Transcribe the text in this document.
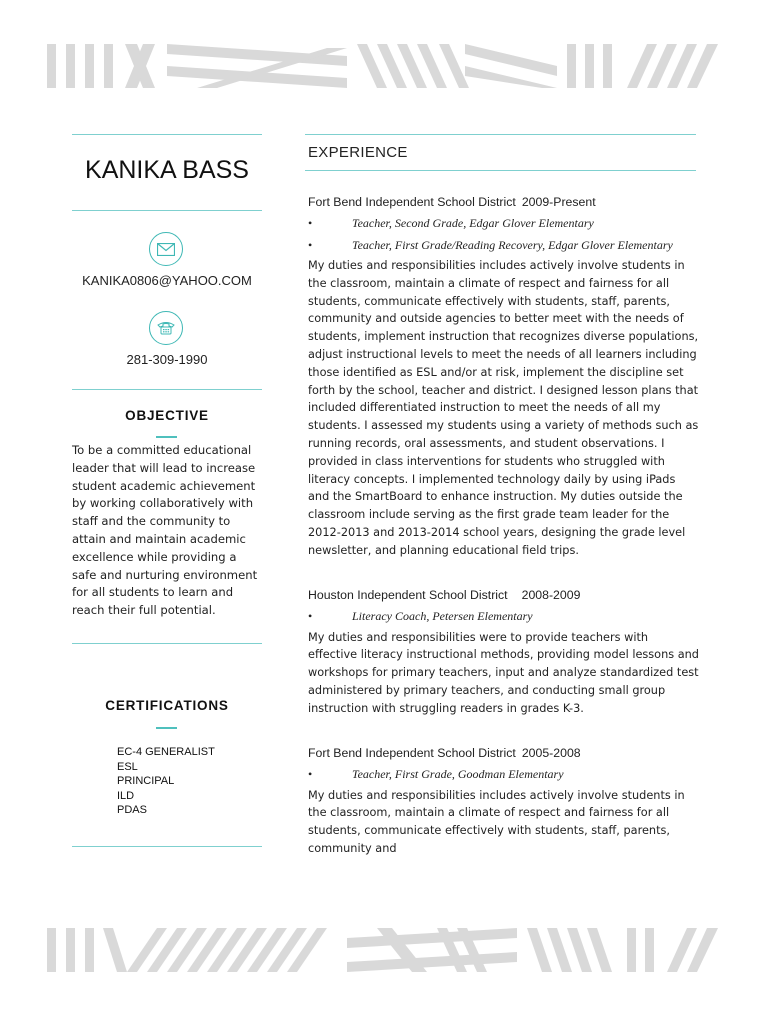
KANIKA BASS
KANIKA0806@YAHOO.COM
281-309-1990
OBJECTIVE
To be a committed educational leader that will lead to increase student academic achievement by working collaboratively with staff and the community to attain and maintain academic excellence while providing a safe and nurturing environment for all students to learn and reach their full potential.
CERTIFICATIONS
EC-4 GENERALIST
ESL
PRINCIPAL
ILD
PDAS
EXPERIENCE
Fort Bend Independent School District 2009-Present
•	Teacher, Second Grade, Edgar Glover Elementary
•	Teacher, First Grade/Reading Recovery, Edgar Glover Elementary
My duties and responsibilities includes actively involve students in the classroom, maintain a climate of respect and fairness for all students, communicate effectively with students, staff, parents, community and outside agencies to better meet with the needs of students, implement instruction that recognizes diverse populations, adjust instructional levels to meet the needs of all learners including those identified as ESL and/or at risk, implement the discipline set forth by the school, teacher and district. I designed lesson plans that included differentiated instruction to meet the needs of all my students. I assessed my students using a variety of methods such as running records, oral assessments, and student observations. I provided in class interventions for students who struggled with literacy concepts. I implemented technology daily by using iPads and the SmartBoard to enhance instruction. My duties outside the classroom include serving as the first grade team leader for the 2012-2013 and 2013-2014 school years, designing the grade level newsletter, and planning educational field trips.
Houston Independent School District 2008-2009
•	Literacy Coach, Petersen Elementary
My duties and responsibilities were to provide teachers with effective literacy instructional methods, providing model lessons and workshops for primary teachers, input and analyze standardized test administered by primary teachers, and conducting small group instruction with struggling readers in grades K-3.
Fort Bend Independent School District 2005-2008
•	Teacher, First Grade, Goodman Elementary
My duties and responsibilities includes actively involve students in the classroom, maintain a climate of respect and fairness for all students, communicate effectively with students, staff, parents, community and
